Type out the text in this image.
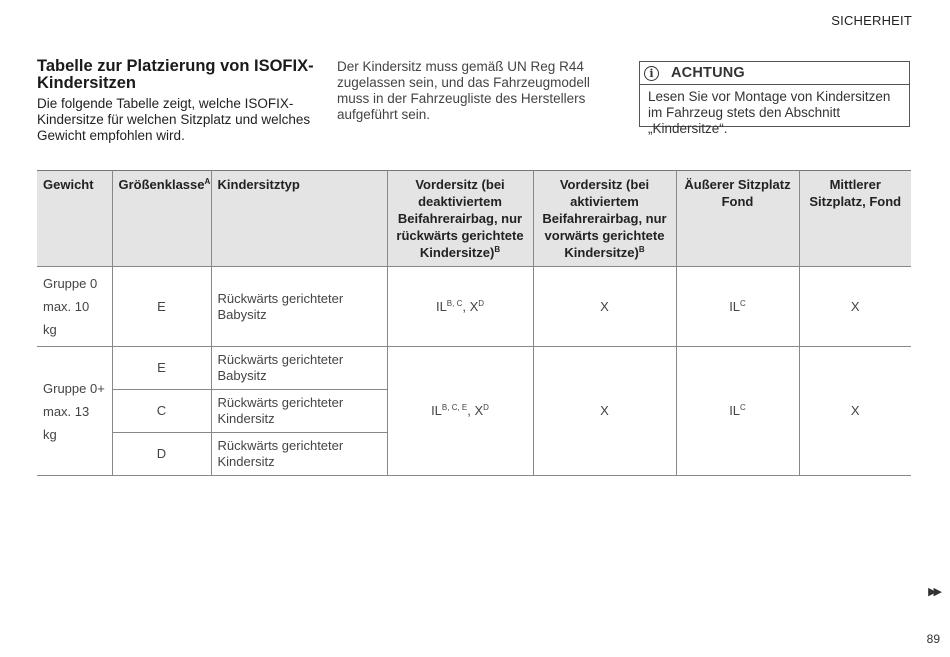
SICHERHEIT
Tabelle zur Platzierung von ISOFIX-Kindersitzen
Die folgende Tabelle zeigt, welche ISOFIX-Kindersitze für welchen Sitzplatz und welches Gewicht empfohlen wird.
Der Kindersitz muss gemäß UN Reg R44 zugelassen sein, und das Fahrzeugmodell muss in der Fahrzeugliste des Herstellers aufgeführt sein.
i	ACHTUNG
Lesen Sie vor Montage von Kindersitzen im Fahrzeug stets den Abschnitt „Kindersitze“.
Gewicht	Größenklasse$^A$	Kindersitztyp	Vordersitz (bei deaktiviertem Beifahrerairbag, nur rückwärts gerichtete Kindersitze)$^B$	Vordersitz (bei aktiviertem Beifahrerairbag, nur vorwärts gerichtete Kindersitze)$^B$	Äußerer Sitzplatz Fond	Mittlerer Sitzplatz, Fond

Gruppe 0
max. 10 kg	E	Rückwärts gerichteter Babysitz	$IL^{B, C}$, $X^D$	X	$IL^C$	X

Gruppe 0+
max. 13 kg	E	Rückwärts gerichteter Babysitz	$IL^{B, C, E}$, $X^D$	X	$IL^C$	X
	C	Rückwärts gerichteter Kindersitz				
	D	Rückwärts gerichteter Kindersitz				
▶▶
89
